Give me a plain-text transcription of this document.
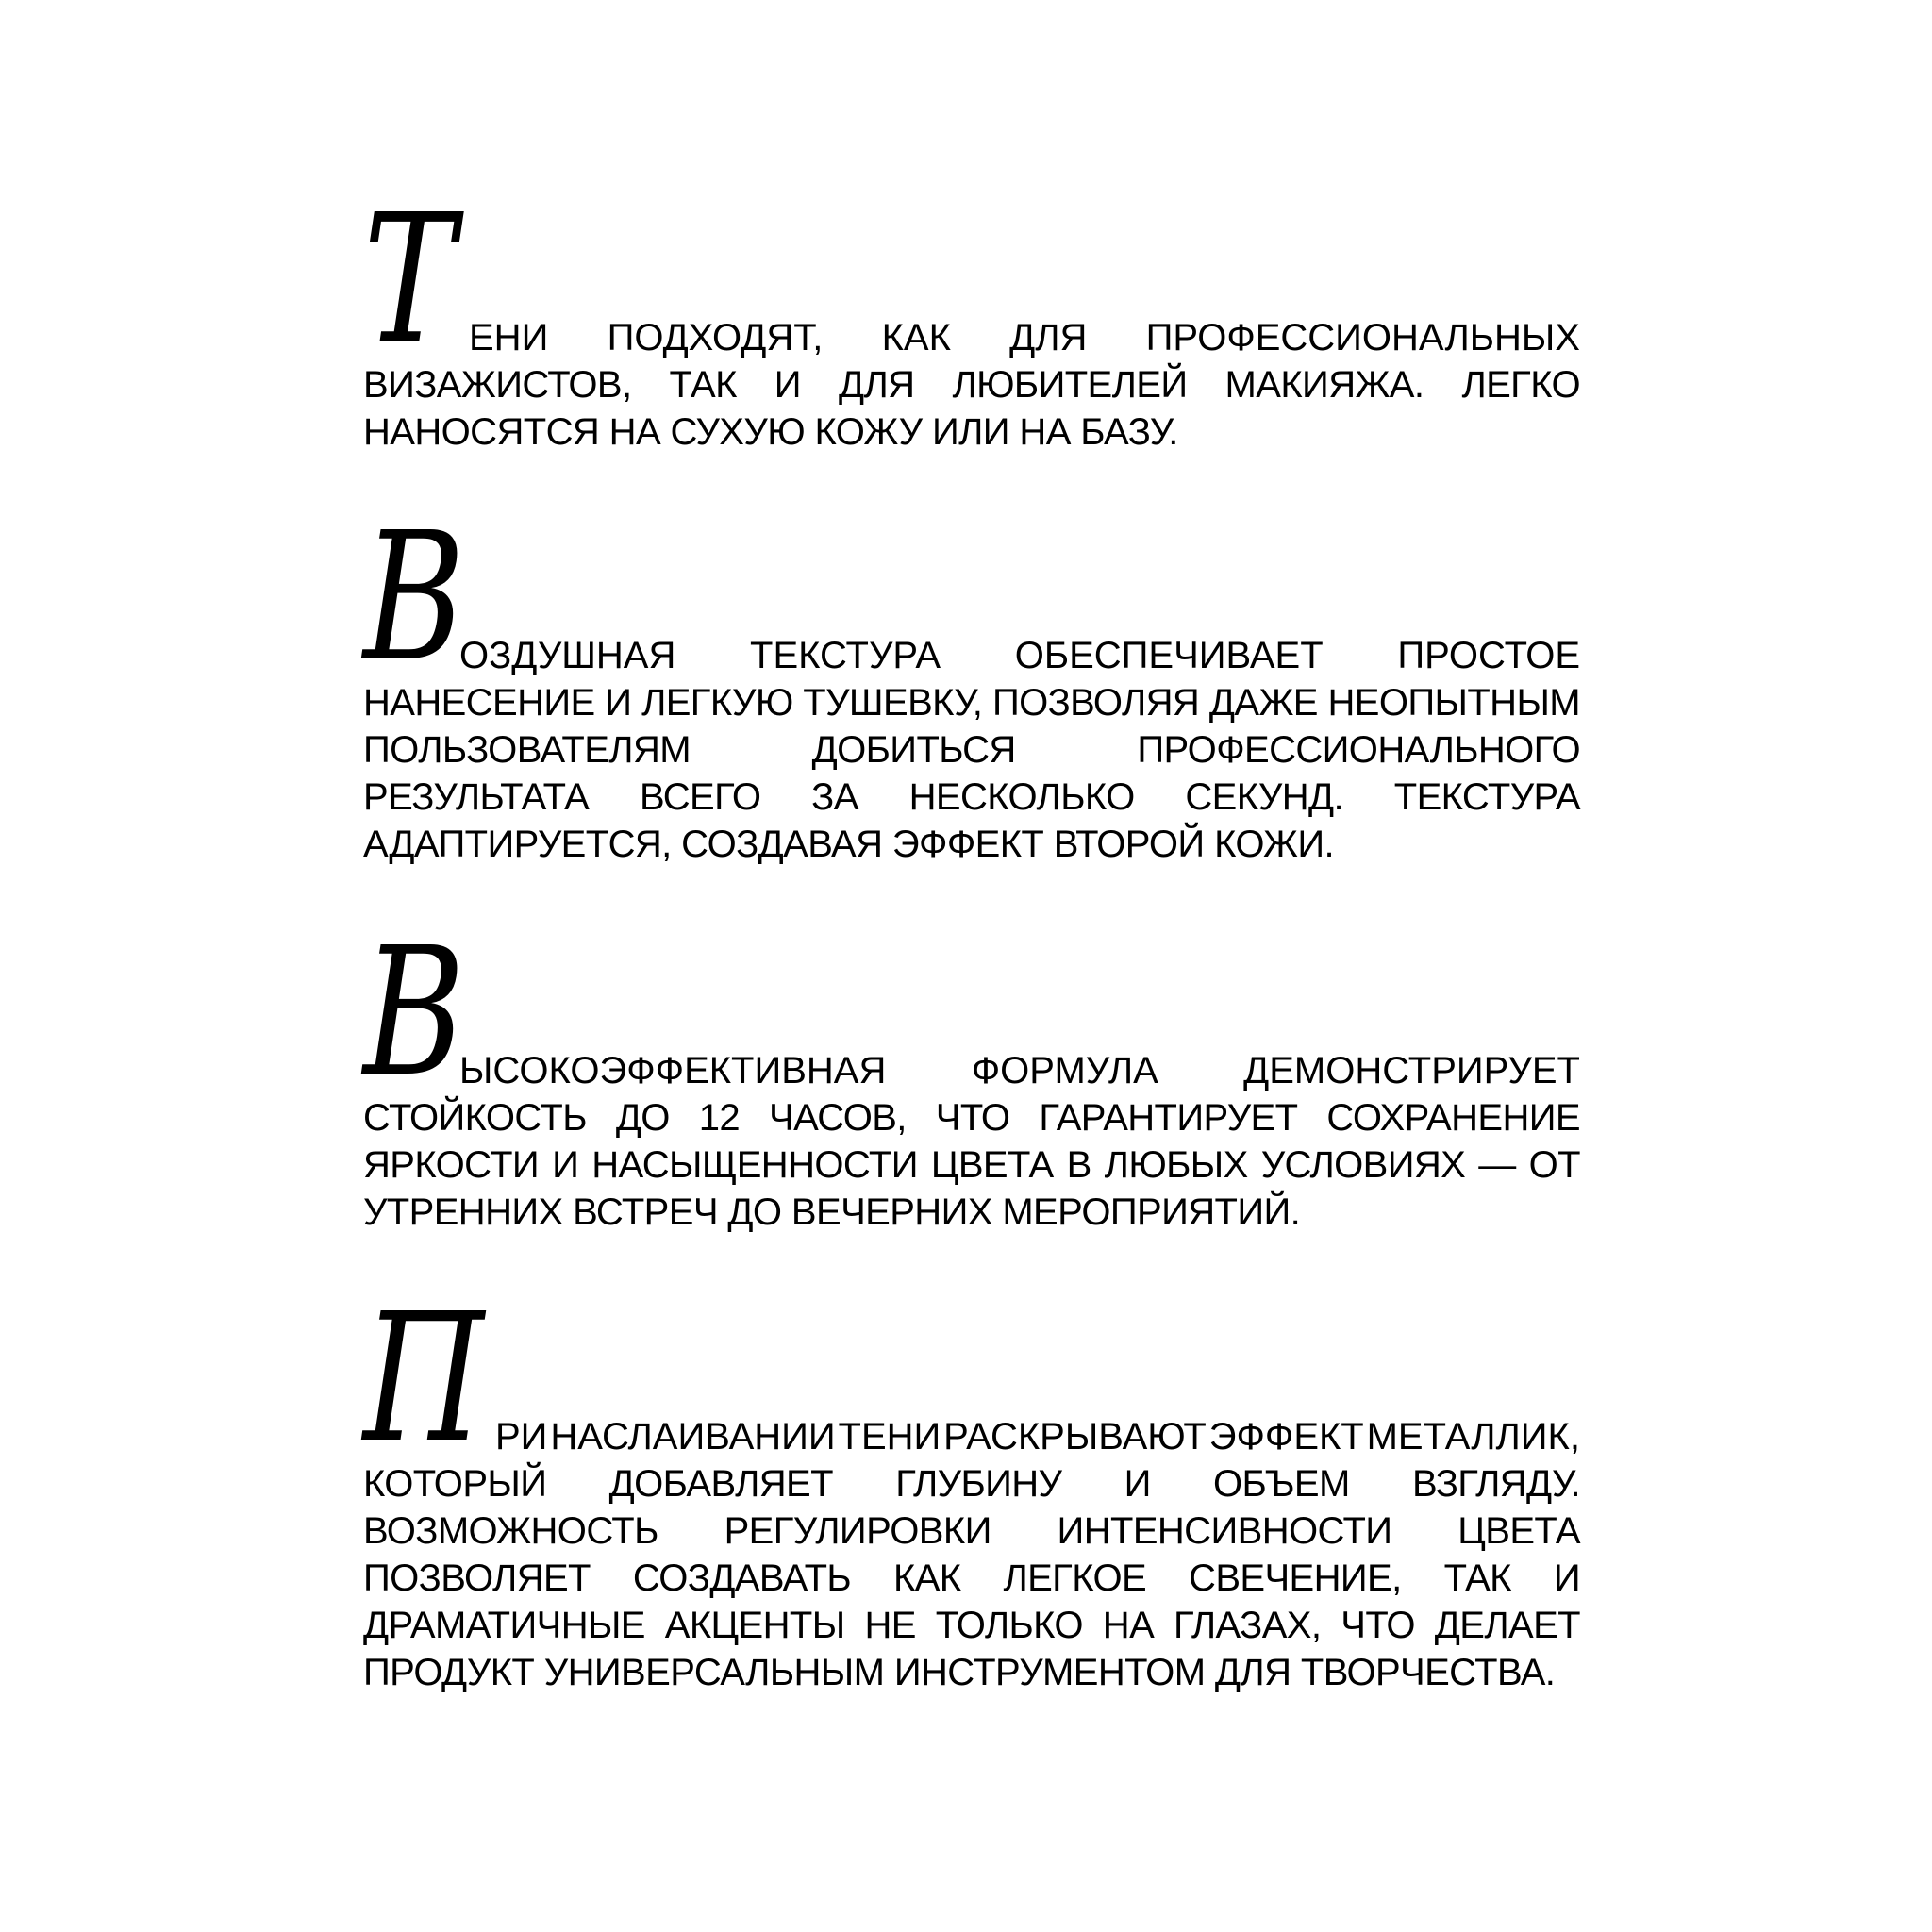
Т ЕНИ ПОДХОДЯТ, КАК ДЛЯ ПРОФЕССИОНАЛЬНЫХ
ВИЗАЖИСТОВ, ТАК И ДЛЯ ЛЮБИТЕЛЕЙ МАКИЯЖА. ЛЕГКО НАНОСЯТСЯ НА СУХУЮ КОЖУ ИЛИ НА БАЗУ.
В
ОЗДУШНАЯ ТЕКСТУРА ОБЕСПЕЧИВАЕТ ПРОСТОЕ
НАНЕСЕНИЕ И ЛЕГКУЮ ТУШЕВКУ, ПОЗВОЛЯЯ ДАЖЕ НЕОПЫТНЫМ ПОЛЬЗОВАТЕЛЯМ ДОБИТЬСЯ ПРОФЕССИОНАЛЬНОГО РЕЗУЛЬТАТА ВСЕГО ЗА НЕСКОЛЬКО СЕКУНД. ТЕКСТУРА АДАПТИРУЕТСЯ, СОЗДАВАЯ ЭФФЕКТ ВТОРОЙ КОЖИ.
В
ЫСОКОЭФФЕКТИВНАЯ ФОРМУЛА ДЕМОНСТРИРУЕТ
СТОЙКОСТЬ ДО 12 ЧАСОВ, ЧТО ГАРАНТИРУЕТ СОХРАНЕНИЕ ЯРКОСТИ И НАСЫЩЕННОСТИ ЦВЕТА В ЛЮБЫХ УСЛОВИЯХ — ОТ УТРЕННИХ ВСТРЕЧ ДО ВЕЧЕРНИХ МЕРОПРИЯТИЙ.
П РИ НАСЛАИВАНИИ ТЕНИ РАСКРЫВАЮТ ЭФФЕКТ МЕТАЛЛИК,
КОТОРЫЙ ДОБАВЛЯЕТ ГЛУБИНУ И ОБЪЕМ ВЗГЛЯДУ. ВОЗМОЖНОСТЬ РЕГУЛИРОВКИ ИНТЕНСИВНОСТИ ЦВЕТА ПОЗВОЛЯЕТ СОЗДАВАТЬ КАК ЛЕГКОЕ СВЕЧЕНИЕ, ТАК И ДРАМАТИЧНЫЕ АКЦЕНТЫ НЕ ТОЛЬКО НА ГЛАЗАХ, ЧТО ДЕЛАЕТ ПРОДУКТ УНИВЕРСАЛЬНЫМ ИНСТРУМЕНТОМ ДЛЯ ТВОРЧЕСТВА.
